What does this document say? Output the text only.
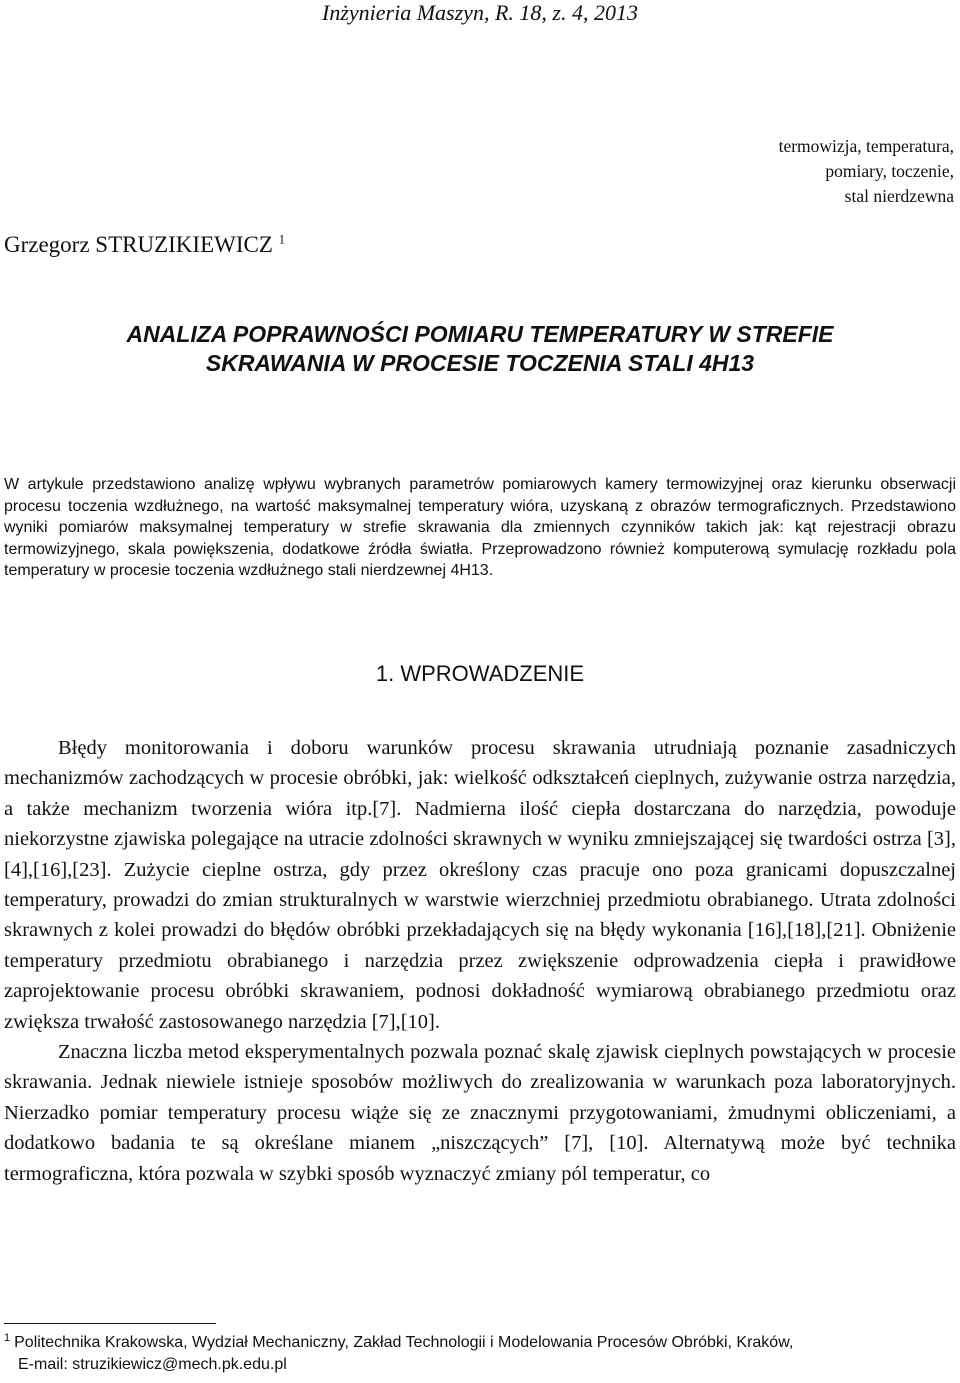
Inżynieria Maszyn, R. 18, z. 4, 2013
termowizja, temperatura,
pomiary, toczenie,
stal nierdzewna
Grzegorz STRUZIKIEWICZ $^1$
ANALIZA POPRAWNOŚCI POMIARU TEMPERATURY W STREFIE
SKRAWANIA W PROCESIE TOCZENIA STALI 4H13

W artykule przedstawiono analizę wpływu wybranych parametrów pomiarowych kamery termowizyjnej oraz kierunku obserwacji procesu toczenia wzdłużnego, na wartość maksymalnej temperatury wióra, uzyskaną z obrazów termograficznych. Przedstawiono wyniki pomiarów maksymalnej temperatury w strefie skrawania dla zmiennych czynników takich jak: kąt rejestracji obrazu termowizyjnego, skala powiększenia, dodatkowe źródła światła. Przeprowadzono również komputerową symulację rozkładu pola temperatury w procesie toczenia wzdłużnego stali nierdzewnej 4H13.

1. WPROWADZENIE

Błędy monitorowania i doboru warunków procesu skrawania utrudniają poznanie zasadniczych mechanizmów zachodzących w procesie obróbki, jak: wielkość odkształceń cieplnych, zużywanie ostrza narzędzia, a także mechanizm tworzenia wióra itp.[7]. Nadmierna ilość ciepła dostarczana do narzędzia, powoduje niekorzystne zjawiska polegające na utracie zdolności skrawnych w wyniku zmniejszającej się twardości ostrza [3],[4],[16],[23]. Zużycie cieplne ostrza, gdy przez określony czas pracuje ono poza granicami dopuszczalnej temperatury, prowadzi do zmian strukturalnych w warstwie wierzchniej przedmiotu obrabianego. Utrata zdolności skrawnych z kolei prowadzi do błędów obróbki przekładających się na błędy wykonania [16],[18],[21]. Obniżenie temperatury przedmiotu obrabianego i narzędzia przez zwiększenie odprowadzenia ciepła i prawidłowe zaprojektowanie procesu obróbki skrawaniem, podnosi dokładność wymiarową obrabianego przedmiotu oraz zwiększa trwałość zastosowanego narzędzia [7],[10].

Znaczna liczba metod eksperymentalnych pozwala poznać skalę zjawisk cieplnych powstających w procesie skrawania. Jednak niewiele istnieje sposobów możliwych do zrealizowania w warunkach poza laboratoryjnych. Nierzadko pomiar temperatury procesu wiąże się ze znacznymi przygotowaniami, żmudnymi obliczeniami, a dodatkowo badania te są określane mianem „niszczących” [7], [10]. Alternatywą może być technika termograficzna, która pozwala w szybki sposób wyznaczyć zmiany pól temperatur, co

$^1$ Politechnika Krakowska, Wydział Mechaniczny, Zakład Technologii i Modelowania Procesów Obróbki, Kraków,
E-mail: struzikiewicz@mech.pk.edu.pl
